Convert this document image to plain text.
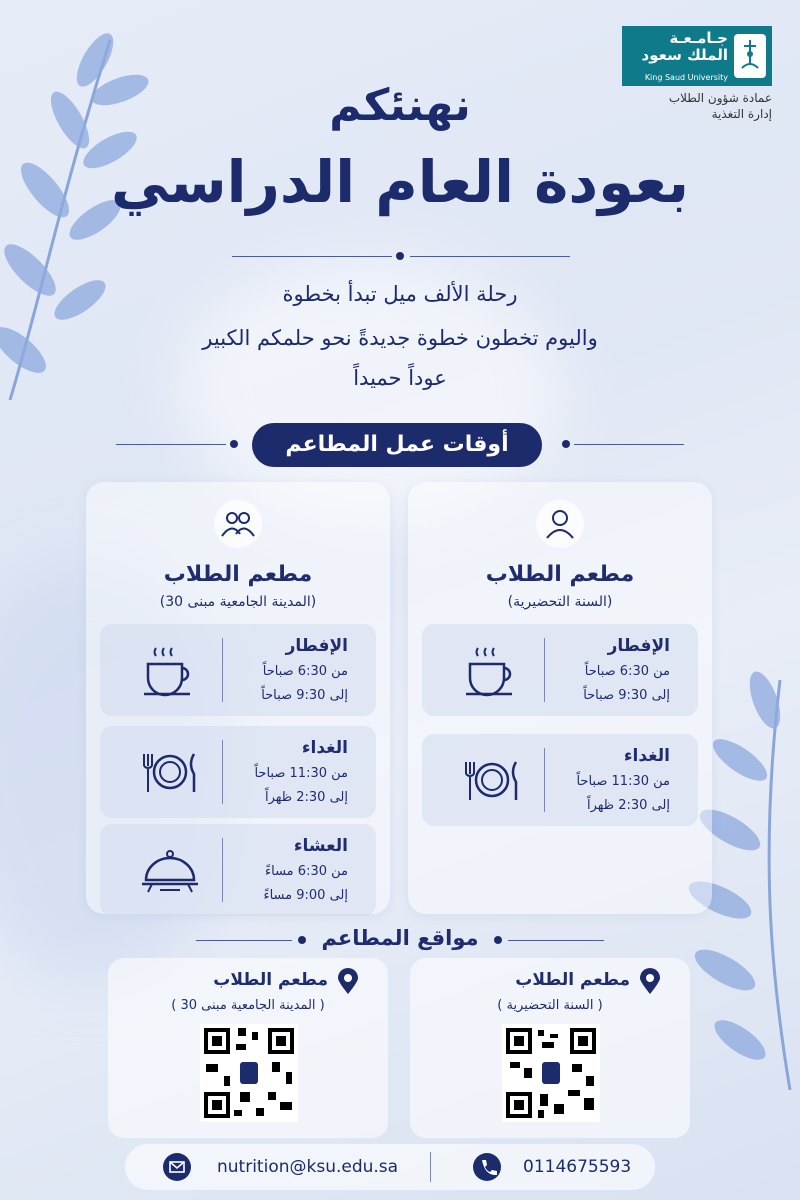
جـامـعـة
الملك سعود
King Saud University
عمادة شؤون الطلاب
إدارة التغذية
نهنئكم
بعودة العام الدراسي
رحلة الألف ميل تبدأ بخطوة
واليوم تخطون خطوة جديدةً نحو حلمكم الكبير
عوداً حميداً
أوقات عمل المطاعم
مطعم الطلاب
(السنة التحضيرية)
الإفطار
من 6:30 صباحاً
إلى 9:30 صباحاً
الغداء
من 11:30 صباحاً
إلى 2:30 ظهراً
مطعم الطلاب
(المدينة الجامعية مبنى 30)
الإفطار
من 6:30 صباحاً
إلى 9:30 صباحاً
الغداء
من 11:30 صباحاً
إلى 2:30 ظهراً
العشاء
من 6:30 مساءً
إلى 9:00 مساءً
مواقع المطاعم
مطعم الطلاب
( السنة التحضيرية )
مطعم الطلاب
( المدينة الجامعية مبنى 30 )
nutrition@ksu.edu.sa	0114675593
